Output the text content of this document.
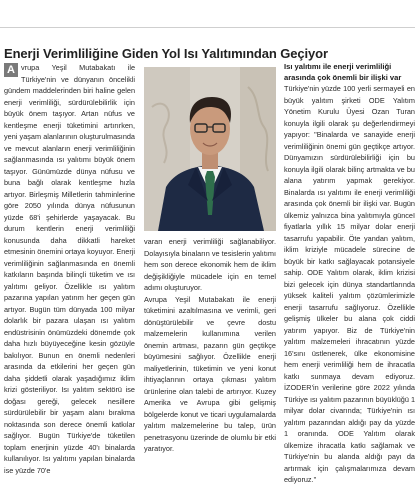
Enerji Verimliliğine Giden Yol Isı Yalıtımından Geçiyor
A vrupa Yeşil Mutabakatı ile Türkiye'nin ve dünyanın öncelikli gündem maddelerinden biri haline gelen enerji verimliliği, sürdürülebilirlik için büyük önem taşıyor. Artan nüfus ve kentleşme enerji tüketimini artırırken, yeni yaşam alanlarının oluşturulmasında ve mevcut alanların enerji verimliliğinin sağlanmasında ısı yalıtımı büyük önem taşıyor. Günümüzde dünya nüfusu ve buna bağlı olarak kentleşme hızla artıyor. Birleşmiş Milletlerin tahminlerine göre 2050 yılında dünya nüfusunun yüzde 68'i şehirlerde yaşayacak. Bu durum kentlerin enerji verimliliği konusunda daha dikkatli hareket etmesinin önemini ortaya koyuyor. Enerji verimliliğinin sağlanmasında en önemli katkıların başında bilinçli tüketim ve ısı yalıtımı geliyor. Özellikle ısı yalıtım pazarına yapılan yatırım her geçen gün artıyor. Bugün tüm dünyada 100 milyar dolarlık bir pazara ulaşan ısı yalıtım endüstrisinin önümüzdeki dönemde çok daha hızlı büyüyeceğine kesin gözüyle bakılıyor. Bunun en önemli nedenleri arasında da etkilerini her geçen gün daha şiddetli olarak yaşadığımız iklim krizi gösteriliyor. Isı yalıtım sektörü ise doğası gereği, gelecek nesillere sürdürülebilir bir yaşam alanı bırakma noktasında son derece önemli katkılar sağlıyor. Bugün Türkiye'de tüketilen toplam enerjinin yüzde 40'ı binalarda kullanılıyor. Isı yalıtımı yapılan binalarda ise yüzde 70'e

varan enerji verimliliği sağlanabiliyor. Dolayısıyla binaların ve tesislerin yalıtımı hem son derece ekonomik hem de iklim değişikliğiyle mücadele için en temel adımı oluşturuyor.

Avrupa Yeşil Mutabakatı ile enerji tüketimini azaltılmasına ve verimli, geri dönüştürülebilir ve çevre dostu malzemelerin kullanımına verilen önemin artması, pazarın gün geçtikçe büyümesini sağlıyor. Özellikle enerji maliyetlerinin, tüketimin ve yeni konut ihtiyaçlarının ortaya çıkması yalıtım ürünlerine olan talebi de artırıyor. Kuzey Amerika ve Avrupa gibi gelişmiş bölgelerde konut ve ticari uygulamalarda yalıtım malzemelerine bu talep, ürün penetrasyonu üzerinde de olumlu bir etki yaratıyor.

Isı yalıtımı ile enerji verimliliği
arasında çok önemli bir ilişki var

Türkiye'nin yüzde 100 yerli sermayeli en büyük yalıtım şirketi ODE Yalıtım Yönetim Kurulu Üyesi Ozan Turan konuyla ilgili olarak şu değerlendirmeyi yapıyor: "Binalarda ve sanayide enerji verimliliğinin önemi gün geçtikçe artıyor. Dünyamızın sürdürülebilirliği için bu konuyla ilgili olarak bilinç artmakta ve bu alana yatırım yapmak gerekiyor. Binalarda ısı yalıtımı ile enerji verimliliği arasında çok önemli bir ilişki var. Bugün ülkemiz yalnızca bina yalıtımıyla günceI fiyatlarla yıllık 15 milyar dolar enerji tasarrufu yapabilir. Öte yandan yalıtım, iklim kriziyle mücadele sürecine de büyük bir katkı sağlayacak potansiyele sahip. ODE Yalıtım olarak, iklim krizisi bizi gelecek için dünya standartlarında yüksek kaliteli yalıtım çözümlerimizle enerji tasarrufu sağlıyoruz. Özellikle gelişmiş ülkeler bu alana çok ciddi yatırım yapıyor. Biz de Türkiye'nin yalıtım malzemeleri ihracatının yüzde 16'sını üstlenerek, ülke ekonomisine hem enerji verimliliği hem de ihracatla katkı sunmaya devam ediyoruz. İZODER'in verilerine göre 2022 yılında Türkiye ısı yalıtım pazarının büyüklüğü 1 milyar dolar civarında; Türkiye'nin ısı yalıtım pazarından aldığı pay da yüzde 1 oranında. ODE Yalıtım olarak ülkemize ihracatla katkı sağlamak ve Türkiye'nin bu alanda aldığı payı da artırmak için çalışmalarımıza devam ediyoruz."
